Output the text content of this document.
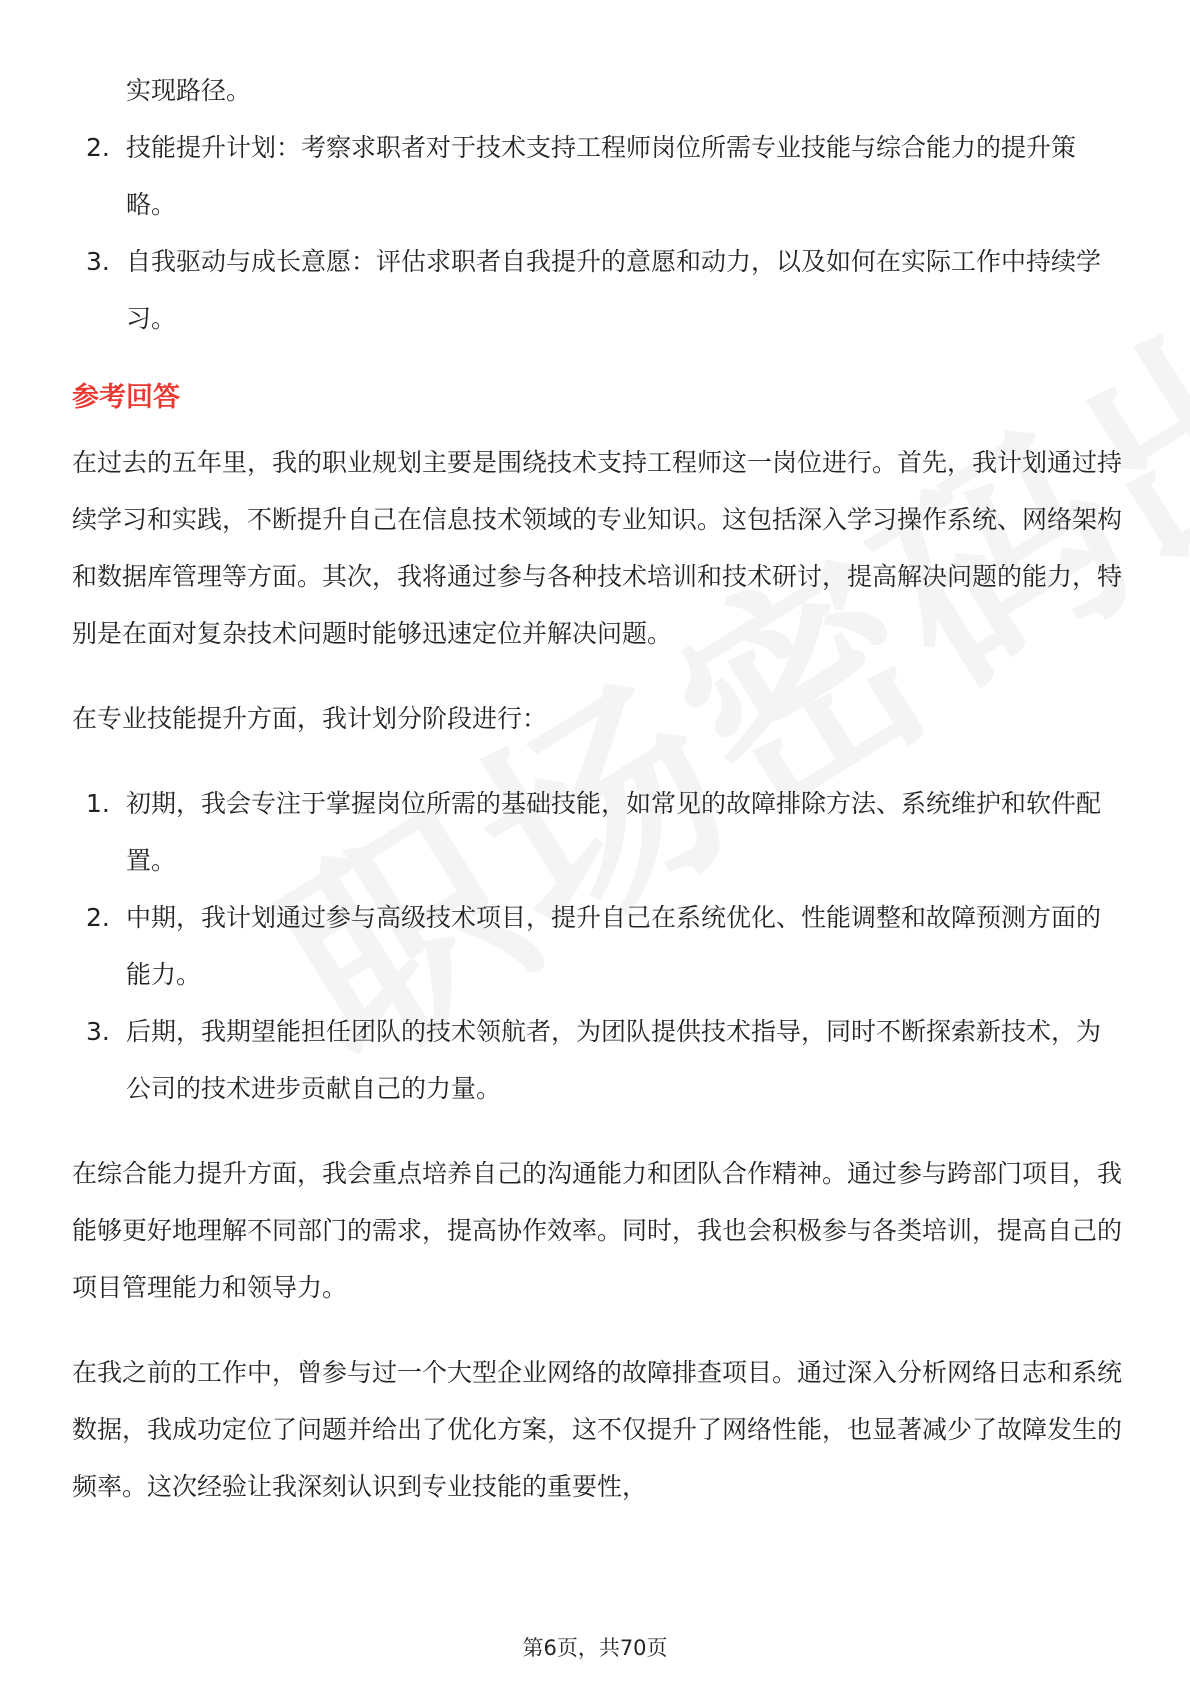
实现路径。

2. 技能提升计划：考察求职者对于技术支持工程师岗位所需专业技能与综合能力的提升策略。
3. 自我驱动与成长意愿：评估求职者自我提升的意愿和动力，以及如何在实际工作中持续学习。
参考回答

在过去的五年里，我的职业规划主要是围绕技术支持工程师这一岗位进行。首先，我计划通过持续学习和实践，不断提升自己在信息技术领域的专业知识。这包括深入学习操作系统、网络架构和数据库管理等方面。其次，我将通过参与各种技术培训和技术研讨，提高解决问题的能力，特别是在面对复杂技术问题时能够迅速定位并解决问题。

在专业技能提升方面，我计划分阶段进行：

1. 初期，我会专注于掌握岗位所需的基础技能，如常见的故障排除方法、系统维护和软件配置。
2. 中期，我计划通过参与高级技术项目，提升自己在系统优化、性能调整和故障预测方面的能力。
3. 后期，我期望能担任团队的技术领航者，为团队提供技术指导，同时不断探索新技术，为公司的技术进步贡献自己的力量。

在综合能力提升方面，我会重点培养自己的沟通能力和团队合作精神。通过参与跨部门项目，我能够更好地理解不同部门的需求，提高协作效率。同时，我也会积极参与各类培训，提高自己的项目管理能力和领导力。

在我之前的工作中，曾参与过一个大型企业网络的故障排查项目。通过深入分析网络日志和系统数据，我成功定位了问题并给出了优化方案，这不仅提升了网络性能，也显著减少了故障发生的频率。这次经验让我深刻认识到专业技能的重要性，

第6页，共70页
